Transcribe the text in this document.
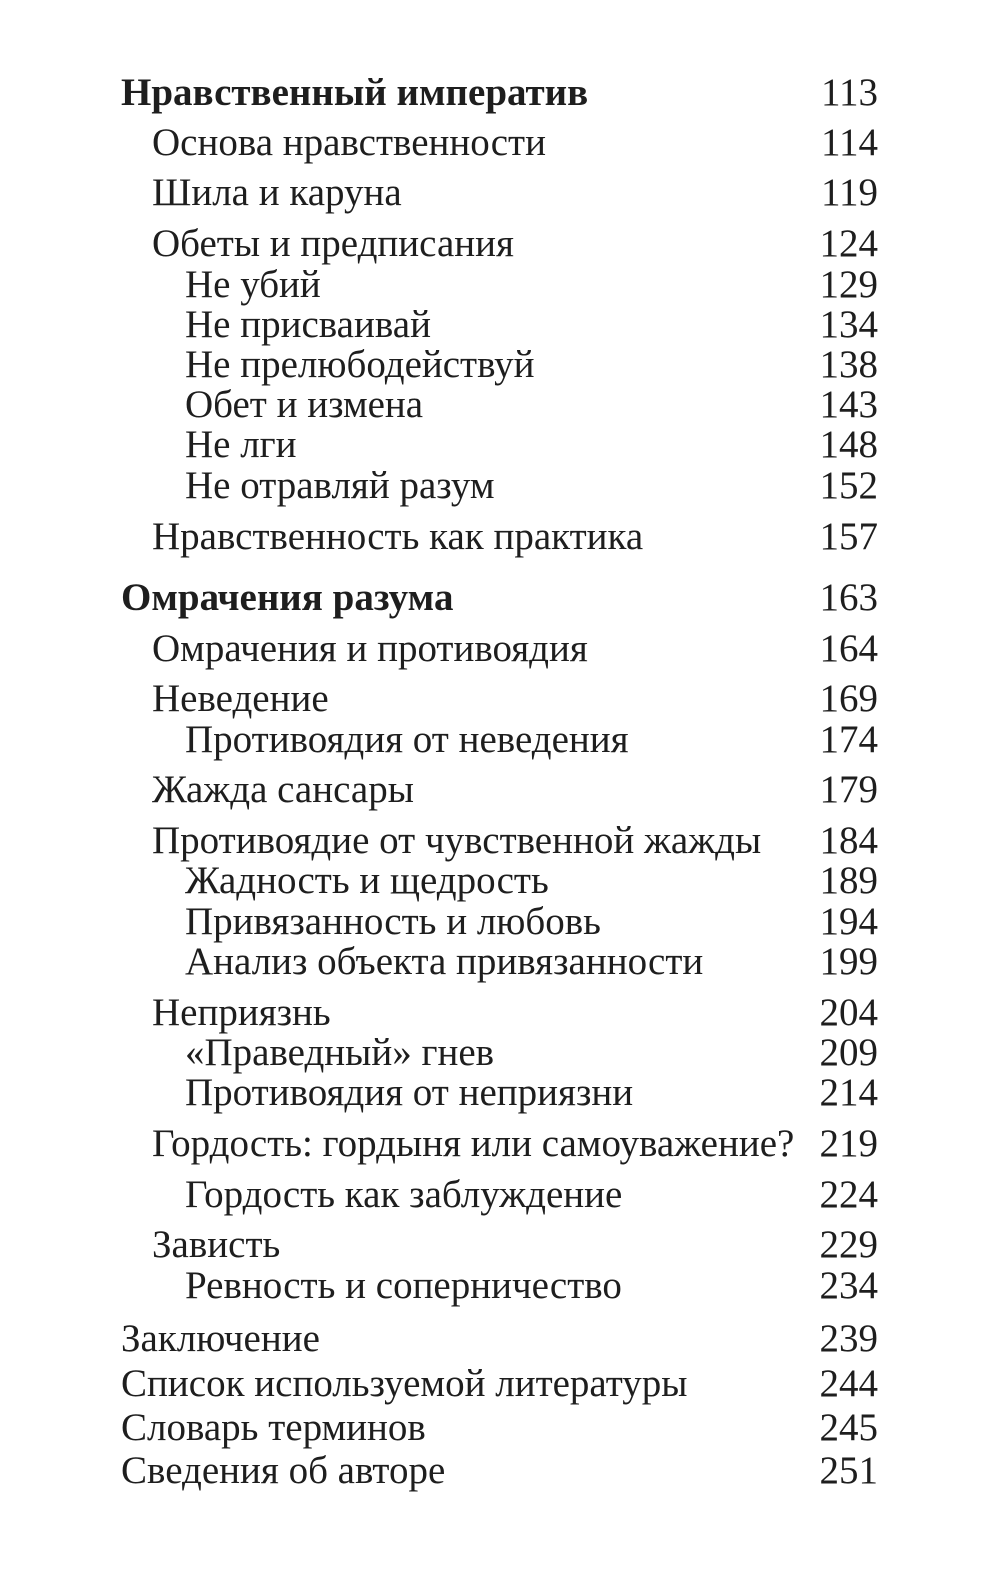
Нравственный императив	113
Основа нравственности	114
Шила и каруна	119
Обеты и предписания	124
Не убий	129
Не присваивай	134
Не прелюбодействуй	138
Обет и измена	143
Не лги	148
Не отравляй разум	152
Нравственность как практика	157
Омрачения разума	163
Омрачения и противоядия	164
Неведение	169
Противоядия от неведения	174
Жажда сансары	179
Противоядие от чувственной жажды 184
Жадность и щедрость	189
Привязанность и любовь	194
Анализ объекта привязанности	199
Неприязнь	204
«Праведный» гнев	209
Противоядия от неприязни	214
Гордость: гордыня или самоуважение? 219
Гордость как заблуждение	224
Зависть	229
Ревность и соперничество	234
Заключение	239
Список используемой литературы	244
Словарь терминов	245
Сведения об авторе	251
